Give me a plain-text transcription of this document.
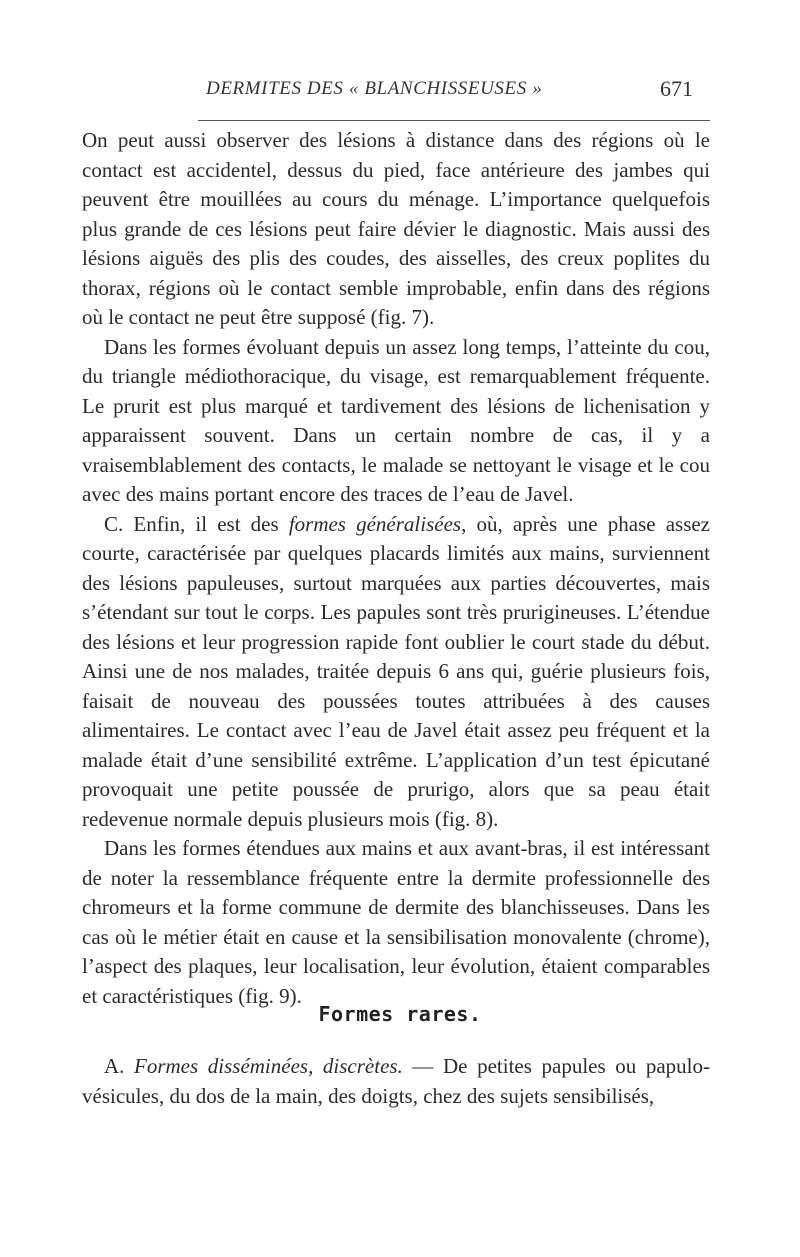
DERMITES DES « BLANCHISSEUSES »	671

On peut aussi observer des lésions à distance dans des régions où le contact est accidentel, dessus du pied, face antérieure des jambes qui peuvent être mouillées au cours du ménage. L’importance quelquefois plus grande de ces lésions peut faire dévier le diagnostic. Mais aussi des lésions aiguës des plis des coudes, des aisselles, des creux poplites du thorax, régions où le contact semble improbable, enfin dans des régions où le contact ne peut être supposé (fig. 7).

Dans les formes évoluant depuis un assez long temps, l’atteinte du cou, du triangle médiothoracique, du visage, est remarquablement fréquente. Le prurit est plus marqué et tardivement des lésions de lichenisation y apparaissent souvent. Dans un certain nombre de cas, il y a vraisemblablement des contacts, le malade se nettoyant le visage et le cou avec des mains portant encore des traces de l’eau de Javel.

C. Enfin, il est des formes généralisées, où, après une phase assez courte, caractérisée par quelques placards limités aux mains, surviennent des lésions papuleuses, surtout marquées aux parties découvertes, mais s’étendant sur tout le corps. Les papules sont très prurigineuses. L’étendue des lésions et leur progression rapide font oublier le court stade du début. Ainsi une de nos malades, traitée depuis 6 ans qui, guérie plusieurs fois, faisait de nouveau des poussées toutes attribuées à des causes alimentaires. Le contact avec l’eau de Javel était assez peu fréquent et la malade était d’une sensibilité extrême. L’application d’un test épicutané provoquait une petite poussée de prurigo, alors que sa peau était redevenue normale depuis plusieurs mois (fig. 8).

Dans les formes étendues aux mains et aux avant-bras, il est intéressant de noter la ressemblance fréquente entre la dermite professionnelle des chromeurs et la forme commune de dermite des blanchisseuses. Dans les cas où le métier était en cause et la sensibilisation monovalente (chrome), l’aspect des plaques, leur localisation, leur évolution, étaient comparables et caractéristiques (fig. 9).

Formes rares.

A. Formes disséminées, discrètes. — De petites papules ou papulo-vésicules, du dos de la main, des doigts, chez des sujets sensibilisés,
